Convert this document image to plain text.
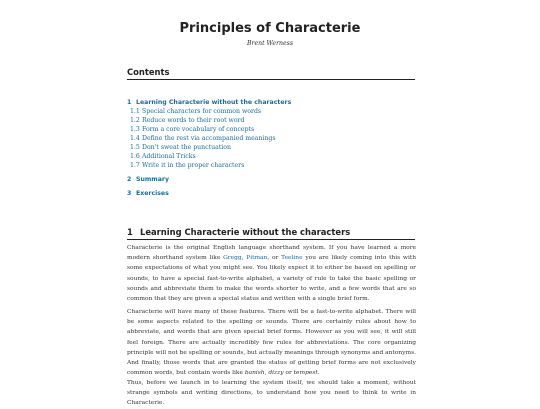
Principles of Characterie
Brent Werness
Contents
1 Learning Characterie without the characters
1.1 Special characters for common words
1.2 Reduce words to their root word
1.3 Form a core vocabulary of concepts
1.4 Define the rest via accompanied meanings
1.5 Don't sweat the punctuation
1.6 Additional Tricks
1.7 Write it in the proper characters
2 Summary
3 Exercises
1 Learning Characterie without the characters

Characterie is the original English language shorthand system. If you have learned a more modern shorthand system like Gregg, Pitman, or Teeline you are likely coming into this with some expectations of what you might see. You likely expect it to either be based on spelling or sounds, to have a special fast-to-write alphabet, a variety of rule to take the basic spelling or sounds and abbreviate them to make the words shorter to write, and a few words that are so common that they are given a special status and written with a single brief form.

Characterie will have many of these features. There will be a fast-to-write alphabet. There will be some aspects related to the spelling or sounds. There are certainly rules about how to abbreviate, and words that are given special brief forms. However as you will see, it will still feel foreign. There are actually incredibly few rules for abbreviations. The core organizing principle will not be spelling or sounds, but actually meanings through synonyms and antonyms. And finally, those words that are granted the status of getting brief forms are not exclusively common words, but contain words like banish, dizzy or tempest.

Thus, before we launch in to learning the system itself, we should take a moment, without strange symbols and writing directions, to understand how you need to think to write in Characterie.
